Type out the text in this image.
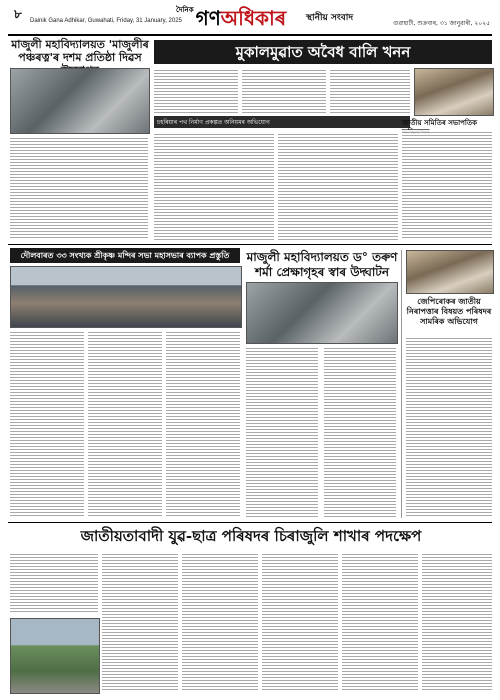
৮ Dainik Gana Adhikar, Guwahati, Friday, 31 January, 2025
$^{দৈনিক}$ গণঅধিকাৰ স্থানীয় সংবাদ
গুৱাহাটী, শুক্ৰবাৰ, ৩১ জানুৱাৰী, ২০২৫
মাজুলী মহাবিদ্যালয়ত 'মাজুলীৰ
পঞ্চৰত্ন'ৰ দশম প্ৰতিষ্ঠা দিৱস	মুকালমুৱাত অবৈধ বালি খনন
চহৰিয়াৰ পথ নিৰ্মাণ প্ৰকল্পত অনিয়মৰ অভিযোগ	জাতীয় সমিতিৰ সভাপতিক
দৌলবাৰত ৩৩ সংখ্যক শ্ৰীকৃষ্ণ মন্দিৰ সভা মহাসভাৰ ব্যাপক প্ৰস্তুতি	মাজুলী মহাবিদ্যালয়ত ড° তৰুণ
শৰ্মা প্ৰেক্ষাগৃহৰ স্বাৰ উদ্ঘাটন
জেপিৰোকৰ জাতীয় নিৰাপত্তাৰ বিষয়ত পৰিষদৰ সামৰিক অভিযোগ
জাতীয়তাবাদী যুৱ-ছাত্ৰ পৰিষদৰ চিৰাজুলি শাখাৰ পদক্ষেপ
